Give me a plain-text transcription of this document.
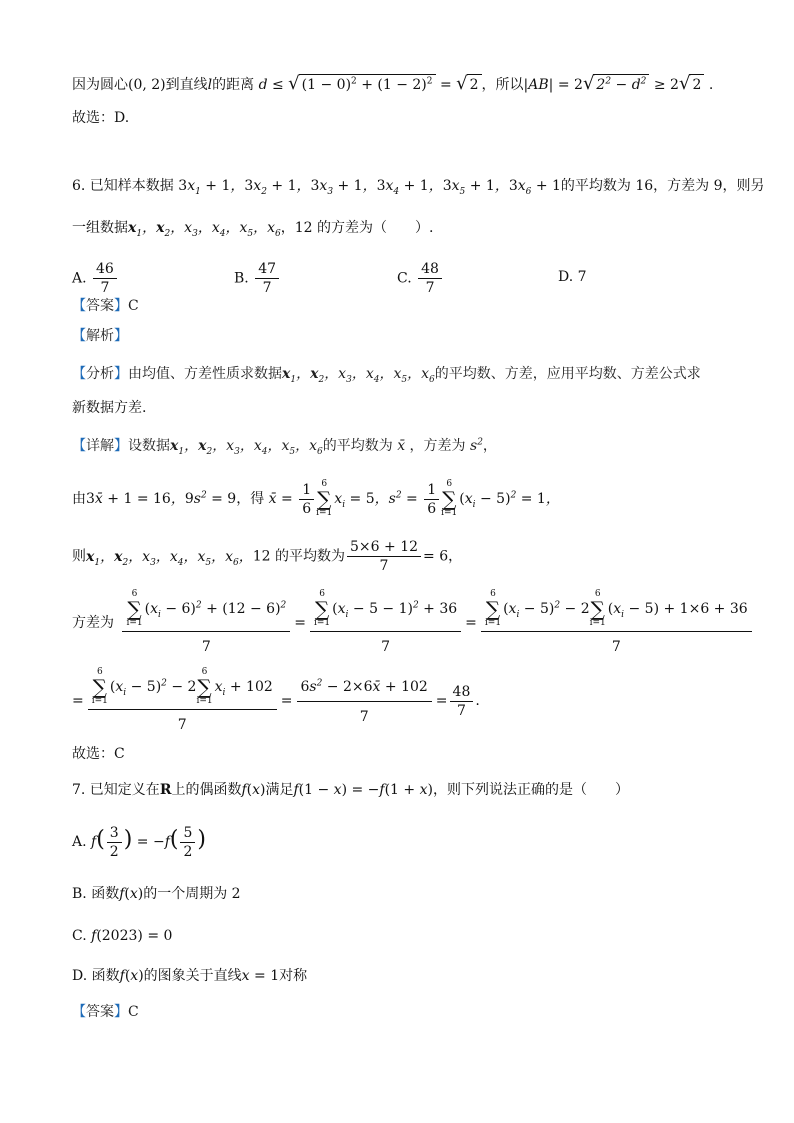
因为圆心(0, 2)到直线l的距离 d ≤ √ $(1 - 0)^2 + (1 - 2)^2$ = √ 2 ，所以|AB| = 2√ $2^2 - d^2 \ge 2√$ 2 .
故选：D.
6. 已知样本数据 $3x_1 + 1$，$3x_2 + 1$，$3x_3 + 1$，$3x_4 + 1$，$3x_5 + 1$，$3x_6 + 1$的平均数为 16，方差为 9，则另
一组数据$x_1$，$x_2$，$x_3$，$x_4$，$x_5$，$x_6$，12 的方差为（　　）.
A. $\frac{46}{7}$	B. $\frac{47}{7}$	C. $\frac{48}{7}$	D. 7
【答案】C
【解析】
【分析】由均值、方差性质求数据$x_1$，$x_2$，$x_3$，$x_4$，$x_5$，$x_6$的平均数、方差，应用平均数、方差公式求
新数据方差.
【详解】设数据$x_1$，$x_2$，$x_3$，$x_4$，$x_5$，$x_6$的平均数为 x̄ ，方差为 $s^2$，
由3x̄ + 1 = 16，$9s^2 = 9$，得 x̄ = $\frac{1}{6} 6$
∑
i=1
$x_i = 5$，$s^2 = \frac{1}{6} 6$
∑
i=1
$(x_i - 5)^2 = 1$，
则$x_1$，$x_2$，$x_3$，$x_4$，$x_5$，$x_6$，12 的平均数为 $\frac{5\times 6 + 12}{7} = 6$，
方差为 6
∑
i=1
$(x_i - 6)^2 + (12 - 6)^2$
7 = 6
∑
i=1
$(x_i - 5 - 1)^2 + 36$
7 = 6
∑
i=1
$(x_i - 5)^2 - 2$
6
∑
i=1
$(x_i - 5) + 1\times 6 + 36$
7
= 6
∑
i=1
$(x_i - 5)^2 - 2$
6
∑
i=1
$x_i + 102$
$7 = \frac{6s^2 - 2\times 6x̄ + 102}{7} = \frac{48}{7}$ .
故选：C
7. 已知定义在R上的偶函数f(x)满足f(1 − x) = −f(1 + x)，则下列说法正确的是（　　）
A. $f( \frac{3}{2}$ ) = $-f( \frac{5}{2}$ )
B. 函数f(x)的一个周期为 2
C. f(2023) = 0
D. 函数f(x)的图象关于直线x = 1对称
【答案】C
